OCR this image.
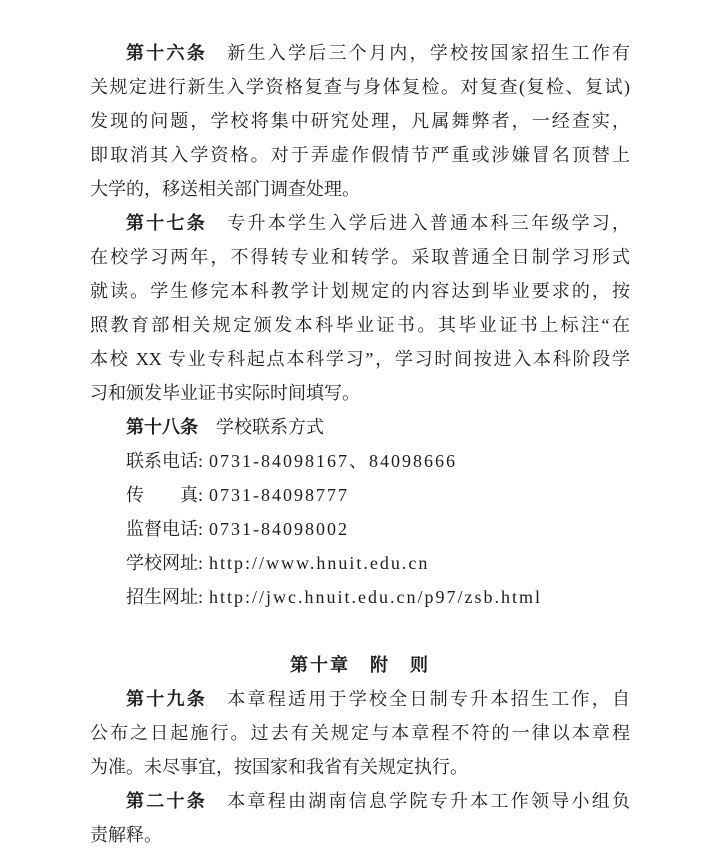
第十六条　新生入学后三个月内，学校按国家招生工作有
关规定进行新生入学资格复查与身体复检。对复查(复检、复试)
发现的问题，学校将集中研究处理，凡属舞弊者，一经查实，
即取消其入学资格。对于弄虚作假情节严重或涉嫌冒名顶替上
大学的，移送相关部门调查处理。
第十七条　专升本学生入学后进入普通本科三年级学习，
在校学习两年，不得转专业和转学。采取普通全日制学习形式
就读。学生修完本科教学计划规定的内容达到毕业要求的，按
照教育部相关规定颁发本科毕业证书。其毕业证书上标注“在
本校 XX 专业专科起点本科学习”，学习时间按进入本科阶段学
习和颁发毕业证书实际时间填写。
第十八条　学校联系方式
联系电话: 0731-84098167、84098666
传　　真: 0731-84098777
监督电话: 0731-84098002
学校网址: http://www.hnuit.edu.cn
招生网址: http://jwc.hnuit.edu.cn/p97/zsb.html
第十章　附　则
第十九条　本章程适用于学校全日制专升本招生工作，自
公布之日起施行。过去有关规定与本章程不符的一律以本章程
为准。未尽事宜，按国家和我省有关规定执行。
第二十条　本章程由湖南信息学院专升本工作领导小组负
责解释。
